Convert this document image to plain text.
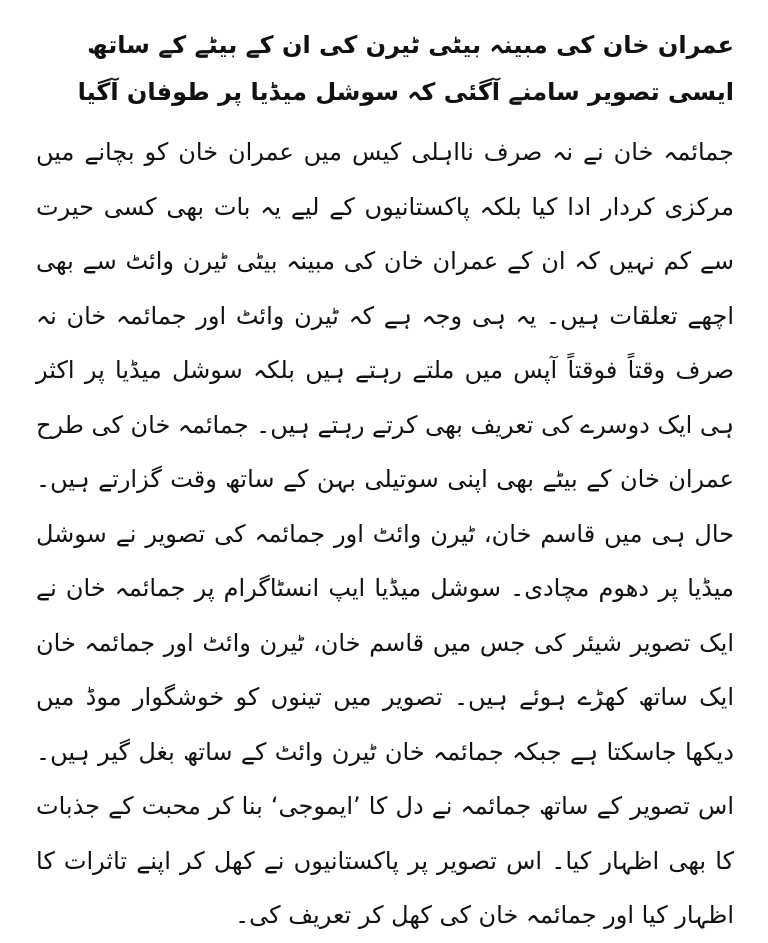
عمران خان کی مبینہ بیٹی ٹیرن کی ان کے بیٹے کے ساتھ ایسی تصویر سامنے آگئی کہ سوشل میڈیا پر طوفان آگیا

جمائمہ خان نے نہ صرف نااہلی کیس میں عمران خان کو بچانے میں مرکزی کردار ادا کیا بلکہ پاکستانیوں کے لیے یہ بات بھی کسی حیرت سے کم نہیں کہ ان کے عمران خان کی مبینہ بیٹی ٹیرن وائٹ سے بھی اچھے تعلقات ہیں۔ یہ ہی وجہ ہے کہ ٹیرن وائٹ اور جمائمہ خان نہ صرف وقتاً فوقتاً آپس میں ملتے رہتے ہیں بلکہ سوشل میڈیا پر اکثر ہی ایک دوسرے کی تعریف بھی کرتے رہتے ہیں۔ جمائمہ خان کی طرح عمران خان کے بیٹے بھی اپنی سوتیلی بہن کے ساتھ وقت گزارتے ہیں۔ حال ہی میں قاسم خان، ٹیرن وائٹ اور جمائمہ کی تصویر نے سوشل میڈیا پر دھوم مچادی۔ سوشل میڈیا ایپ انسٹاگرام پر جمائمہ خان نے ایک تصویر شیئر کی جس میں قاسم خان، ٹیرن وائٹ اور جمائمہ خان ایک ساتھ کھڑے ہوئے ہیں۔ تصویر میں تینوں کو خوشگوار موڈ میں دیکھا جاسکتا ہے جبکہ جمائمہ خان ٹیرن وائٹ کے ساتھ بغل گیر ہیں۔ اس تصویر کے ساتھ جمائمہ نے دل کا ’ایموجی‘ بنا کر محبت کے جذبات کا بھی اظہار کیا۔ اس تصویر پر پاکستانیوں نے کھل کر اپنے تاثرات کا اظہار کیا اور جمائمہ خان کی کھل کر تعریف کی۔
